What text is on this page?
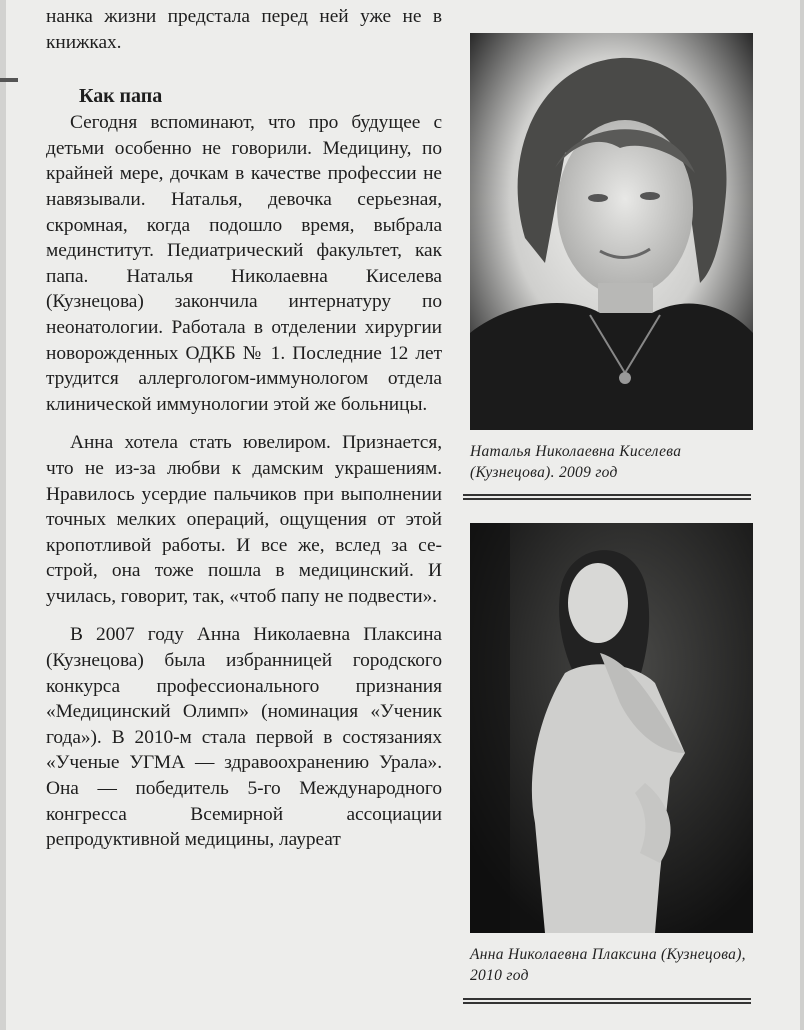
нанка жизни предстала перед ней уже не в книжках.

Как папа

Сегодня вспоминают, что про будущее с детьми особенно не говорили. Медицину, по крайней мере, дочкам в качестве профессии не навязывали. Наталья, девочка серьезная, скромная, когда подошло время, выбрала мединститут. Педиатрический факультет, как папа. Наталья Николаевна Киселева (Кузнецова) закончила интернатуру по неонатологии. Работала в отделении хирургии новорожденных ОДКБ № 1. Последние 12 лет трудится аллергологом-иммунологом отдела клинической иммунологии этой же больницы.

Анна хотела стать ювелиром. Признается, что не из-за любви к дамским украшениям. Нравилось усердие пальчиков при выполнении точных мелких операций, ощущения от этой кропотливой работы. И все же, вслед за сестрой, она тоже пошла в медицинский. И училась, говорит, так, «чтоб папу не подвести».

В 2007 году Анна Николаевна Плаксина (Кузнецова) была избранницей городского конкурса профессионального признания «Медицинский Олимп» (номинация «Ученик года»). В 2010-м стала первой в состязаниях «Ученые УГМА — здравоохранению Урала». Она — победитель 5-го Международного конгресса Всемирной ассоциации репродуктивной медицины, лауреат

Наталья Николаевна Киселева (Кузнецова). 2009 год
Анна Николаевна Плаксина (Кузнецова), 2010 год
